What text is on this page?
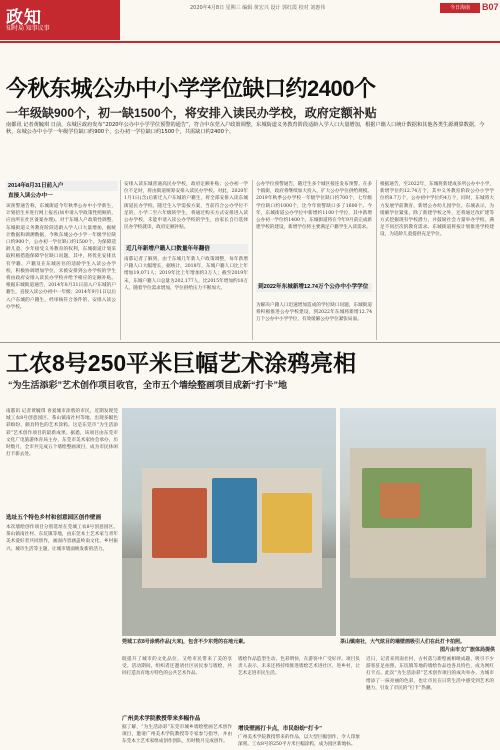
政知
知时局 知事议事
2020年4月8日 星期三 编辑 黄宏兴 设计 郭红霞 校对 刘惠伟	今日海南	B07
今秋东城公办中小学学位缺口约2400个
一年级缺900个，初一缺1500个，将安排入读民办学校，政府定额补贴
南都讯 记者黄毓琪 日前，东城区政府发布“2020年公办中小学学位预警的通告”，符合中东莞入户政策调整，东城街道义务教育阶段适龄入学人口大量增加，根据户籍人口统计数据和其他各类生源测算数据，今秋，东城公办中小学一年级学位缺口约900个，公办初一学位缺口约1500个，共需缺口约2400个。
2014年8月31日前入户
直接入读公办中一
该预警通告称，东城街道今年秋季公办中小学新生，计划招生并进行网上报名(如申请入学政策性照顾的，应由所在社区备案办理)。对于东城人户政策性调整，东城街道义务教育阶段适龄入学人口大量增加，据统计数据和调测数据，今秋东城公办小学一年级学位缺口约900个，公办初一学位缺口约1500个。为保障适龄儿童、少年接受义务教育的权利，东城街道计划采取积极措施保障学位缺口问题，其中，将优先安排具有学籍、户籍及在东城居住的适龄学生入读公办学校，积极协调增加学位，未被安排到公办学校的学生将由政府安排入读民办学校并给予相应的定额补贴。根据东城街道通告，2014年8月31日前入户东城的户籍生，直接入读公办初中一年级；2014年9月1日以后入户东城的户籍生，经审核符合条件的，安排入读公办学校。
安排入读东城普通高民办学校，政府定额补贴；公办初一学位不足时，将由街道统筹安排入读民办学校。对此，2020年1月1日(含)后新迁入户东城的户籍生，将全部安排入读东城街道民办学校。随迁生入学需按方案，当前符合公办学位不足的，小学二至六年级转学生，将通过购买方式安排进入读公办学校，未能申请入读公办学校的学生，由家长自行选择民办学校就读，政府定额补贴。
近几年新增户籍人口数量年年翻倍
南都记者了解到，由于东城几年新人户政策调整，每年新增户籍人口大幅增长，据统计，2018年，东城户籍人口比上年增加19,071人；2019年比上年增加约3万人；截至2019年末，东城户籍人口总量为202,177人，比2015年增加约10万人。随着学位需求增加，学位供给压力不断加大。
公办学位预警通告，随迁生多个城区接连发布预警。在多个镇街，政府将继续加大投入，扩大公办学位供给规模。2019年秋季公办学校一年级学位缺口约700个，七年级学位缺口约1000个，比今年预警缺口多了1600个。今年，东城街道公办学位中新增约1100个学位，其中新增公办初一学位约1400个。东城街道将在今年9月前完成新建学校的建设，新增学位将主要满足户籍学生入读需求。
到2022年东城新增12.74万个公办中小学学位
为解决户籍人口迅速增加造成的学位缺口问题，东城街道将积极推进公办学校建设，到2022年东城将新增12.74万个公办中小学学位，有效缓解公办学位紧张局面。
根据通告，至2022年，东城将新建成多所公办中小学，新增学位约12.74万个，其中义务教育阶段公办小学学位约8.7万个，公办初中学位约4万个，同时，东城将大力发展学前教育，新增公办幼儿园学位。东城表示，为缓解学位紧张，除了新建学校之外，还将通过改扩建等方式挖掘现有学校潜力，并鼓励社会力量举办学校，满足不同层次的教育需求。东城街道将按计划推进学校建设，为适龄儿童提供充足学位。
工农8号250平米巨幅艺术涂鸦亮相
“为生活添彩”艺术创作项目收官，全市五个墙绘整画项目成新“打卡”地
南都讯 记者黄毓琪 喜爱城市涂鸦的市民，近期发现莞城工农8号创意园区、茶山镇南社村等地，出现多幅色彩缤纷、颇具特色的艺术涂鸦。这是东莞市“为生活添彩”艺术创作项目的最新成果。据悉，该项目由东莞市文化广电旅游体育局主办，东莞市美术家协会承办，历时数月，全市共完成五个墙绘整画项目，成为市民休闲打卡新去处。
选址五个特色乡村和创意园区创作壁画
本次墙绘创作项目分别选址在莞城工农8号创意园区、茶山镇南社村、东坑镇等地，由东莞本土艺术家与青年美术爱好者共同创作，画面内容涵盖岭南文化、乡村振兴、城市生活等主题，让城市墙面焕发新的活力。
莞城工农8号涂鸦作品(大来)，包含不少东莞的在地元素。	茶山镇南社，大气炫目的墙壁画吸引人们在此打卡拍照。
图片由市文广旅体局提供
既提升了城市的文化品位，又给市民带来了美的享受。活动期间，组织者还邀请社区居民参与墙绘，共同打造具有地方特色的公共艺术作品。
广州美术学院教授带来多幅作品
据了解，“为生活添彩”东莞市城乡墙绘壁画艺术创作项目，邀请广州美术学院教授等专家参与指导，并由东莞本土艺术家组成创作团队，历时数月完成创作。
墙绘作品造型生动、色彩明快，在游客中广受好评。项目负责人表示，未来还将持续推进墙绘艺术进社区、进乡村，让艺术走进市民生活。
增设壁画打卡点，市民纷纷“打卡”
广州美术学院教授带来的作品，以大型巨幅创作，令人印象深刻。工农8号的250平方米巨幅涂鸦，成为园区新地标。
近日，记者来到南社村，古村落与新壁画相映成趣，吸引不少游客驻足拍照。东坑镇等地的墙绘作品也各具特色，成为网红打卡点。此次“为生活添彩”艺术创作项目的成功举办，为城市增添了一抹亮丽的色彩，也让市民在日常生活中感受到艺术的魅力，引发了市民的“打卡”热潮。
